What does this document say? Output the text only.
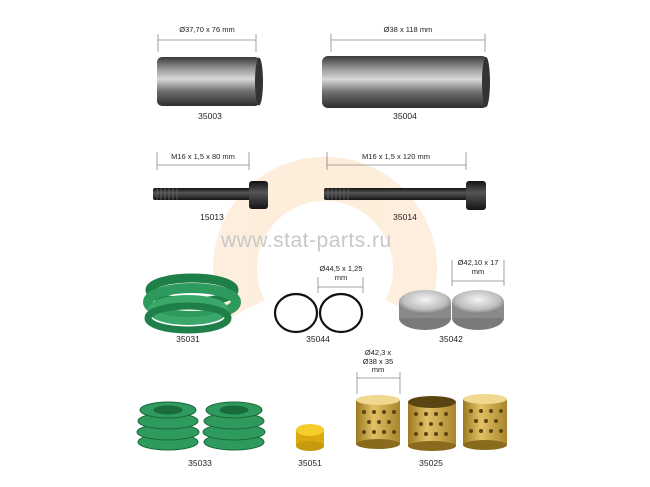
www.stat-parts.ru
Ø37,70 x 76 mm	Ø38 x 118 mm
M16 x 1,5 x 80 mm	M16 x 1,5 x 120 mm
Ø44,5 x 1,25 mm
Ø42,10 x 17 mm
Ø42,3 x Ø38 x 35 mm
35003	35004
15013	35014
35031	35044	35042
35033	35051	35025
